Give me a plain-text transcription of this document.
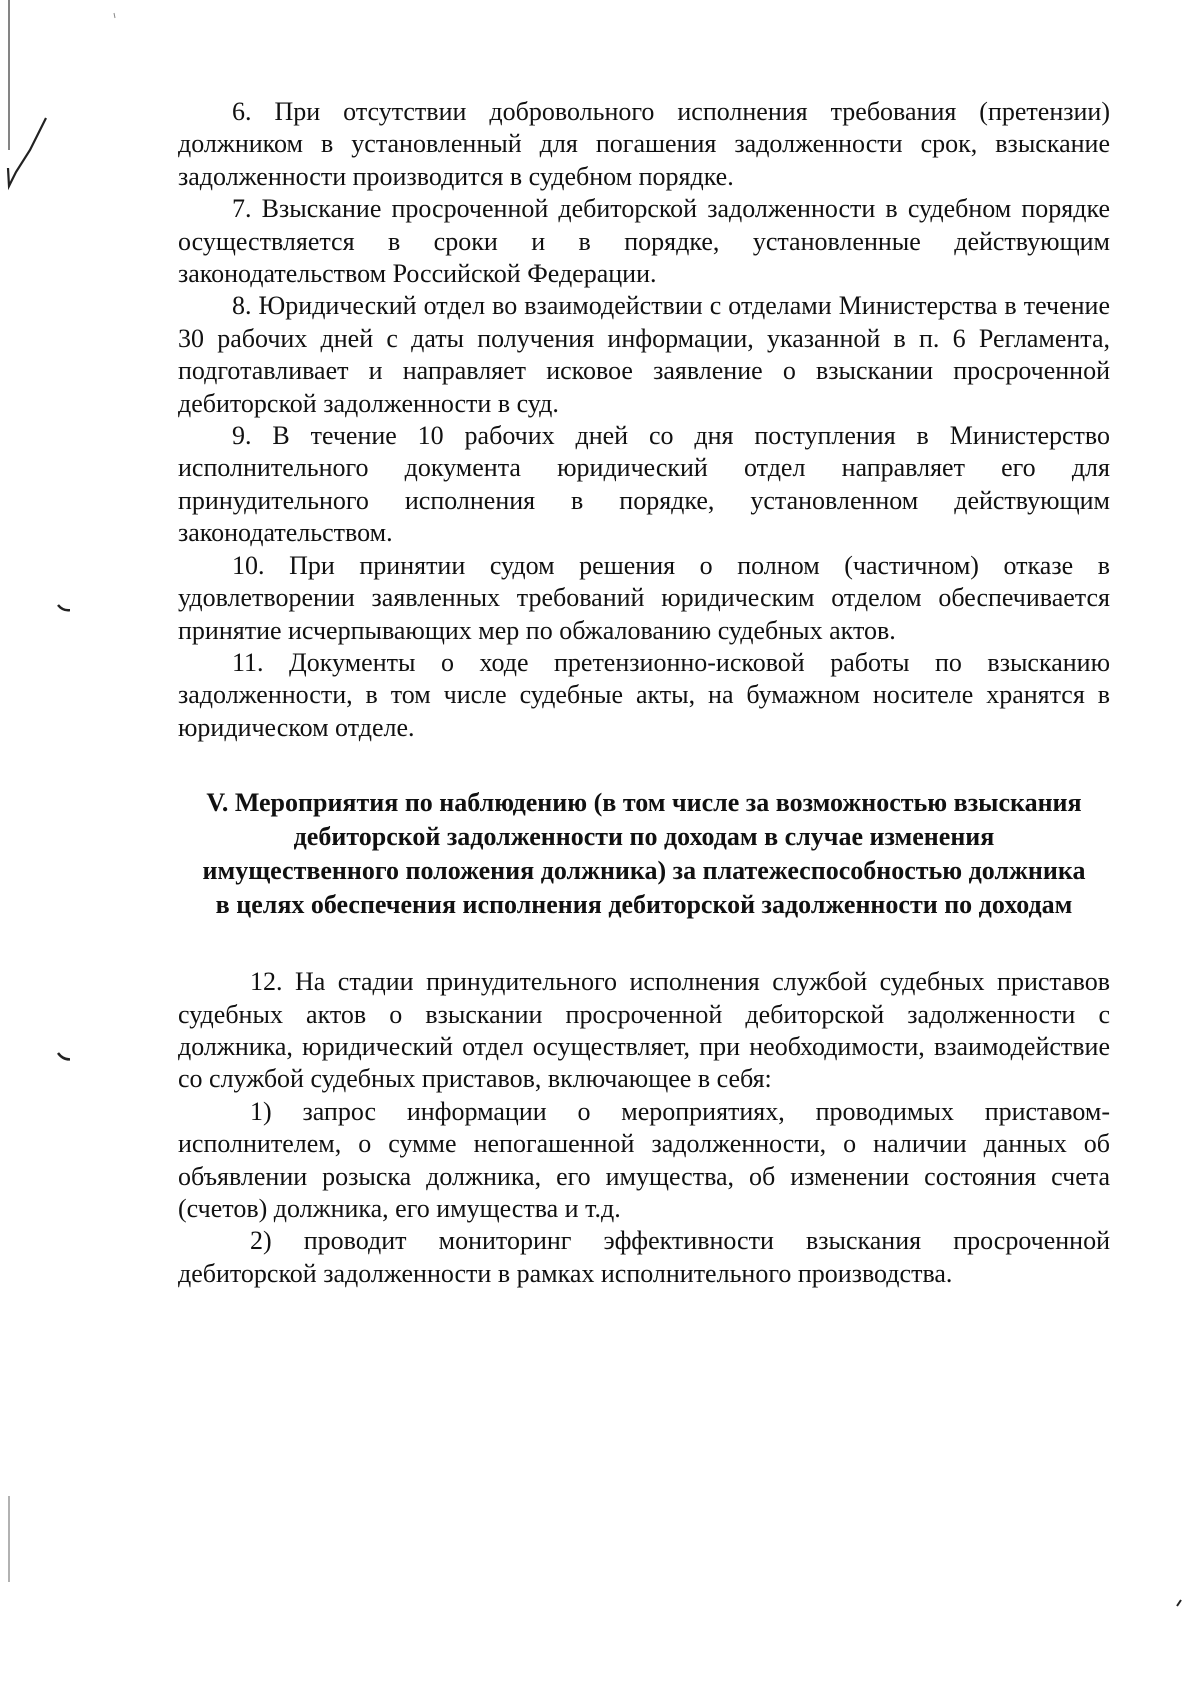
6. При отсутствии добровольного исполнения требования (претензии) должником в установленный для погашения задолженности срок, взыскание задолженности производится в судебном порядке.

7. Взыскание просроченной дебиторской задолженности в судебном порядке осуществляется в сроки и в порядке, установленные действующим законодательством Российской Федерации.

8. Юридический отдел во взаимодействии с отделами Министерства в течение 30 рабочих дней с даты получения информации, указанной в п. 6 Регламента, подготавливает и направляет исковое заявление о взыскании просроченной дебиторской задолженности в суд.

9. В течение 10 рабочих дней со дня поступления в Министерство исполнительного документа юридический отдел направляет его для принудительного исполнения в порядке, установленном действующим законодательством.

10. При принятии судом решения о полном (частичном) отказе в удовлетворении заявленных требований юридическим отделом обеспечивается принятие исчерпывающих мер по обжалованию судебных актов.

11. Документы о ходе претензионно-исковой работы по взысканию задолженности, в том числе судебные акты, на бумажном носителе хранятся в юридическом отделе.

V. Мероприятия по наблюдению (в том числе за возможностью взыскания дебиторской задолженности по доходам в случае изменения имущественного положения должника) за платежеспособностью должника в целях обеспечения исполнения дебиторской задолженности по доходам

12. На стадии принудительного исполнения службой судебных приставов судебных актов о взыскании просроченной дебиторской задолженности с должника, юридический отдел осуществляет, при необходимости, взаимодействие со службой судебных приставов, включающее в себя:

1) запрос информации о мероприятиях, проводимых приставом-исполнителем, о сумме непогашенной задолженности, о наличии данных об объявлении розыска должника, его имущества, об изменении состояния счета (счетов) должника, его имущества и т.д.

2) проводит мониторинг эффективности взыскания просроченной дебиторской задолженности в рамках исполнительного производства.
